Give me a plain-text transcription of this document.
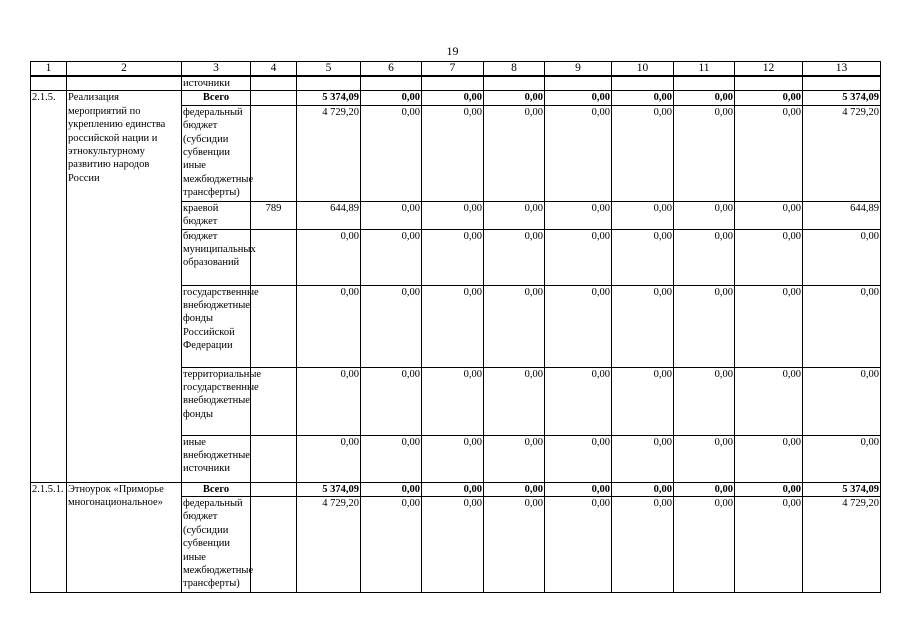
19
1	2	3	4	5	6	7	8	9	10	11	12	13
		источники										
2.1.5.	Реализация мероприятий по укреплению единства российской нации и этнокультурному развитию народов России	Всего		5 374,09	0,00	0,00	0,00	0,00	0,00	0,00	0,00	5 374,09
		федеральный бюджет (субсидии субвенции иные межбюджетные трансферты)		4 729,20	0,00	0,00	0,00	0,00	0,00	0,00	0,00	4 729,20
		краевой бюджет	789	644,89	0,00	0,00	0,00	0,00	0,00	0,00	0,00	644,89
		бюджет муниципальных образований		0,00	0,00	0,00	0,00	0,00	0,00	0,00	0,00	0,00
		государственные внебюджетные фонды Российской Федерации		0,00	0,00	0,00	0,00	0,00	0,00	0,00	0,00	0,00
		территориальные государственные внебюджетные фонды		0,00	0,00	0,00	0,00	0,00	0,00	0,00	0,00	0,00
		иные внебюджетные источники		0,00	0,00	0,00	0,00	0,00	0,00	0,00	0,00	0,00
2.1.5.1.	Этноурок «Приморье многонациональное»	Всего		5 374,09	0,00	0,00	0,00	0,00	0,00	0,00	0,00	5 374,09
		федеральный бюджет (субсидии субвенции иные межбюджетные трансферты)		4 729,20	0,00	0,00	0,00	0,00	0,00	0,00	0,00	4 729,20
